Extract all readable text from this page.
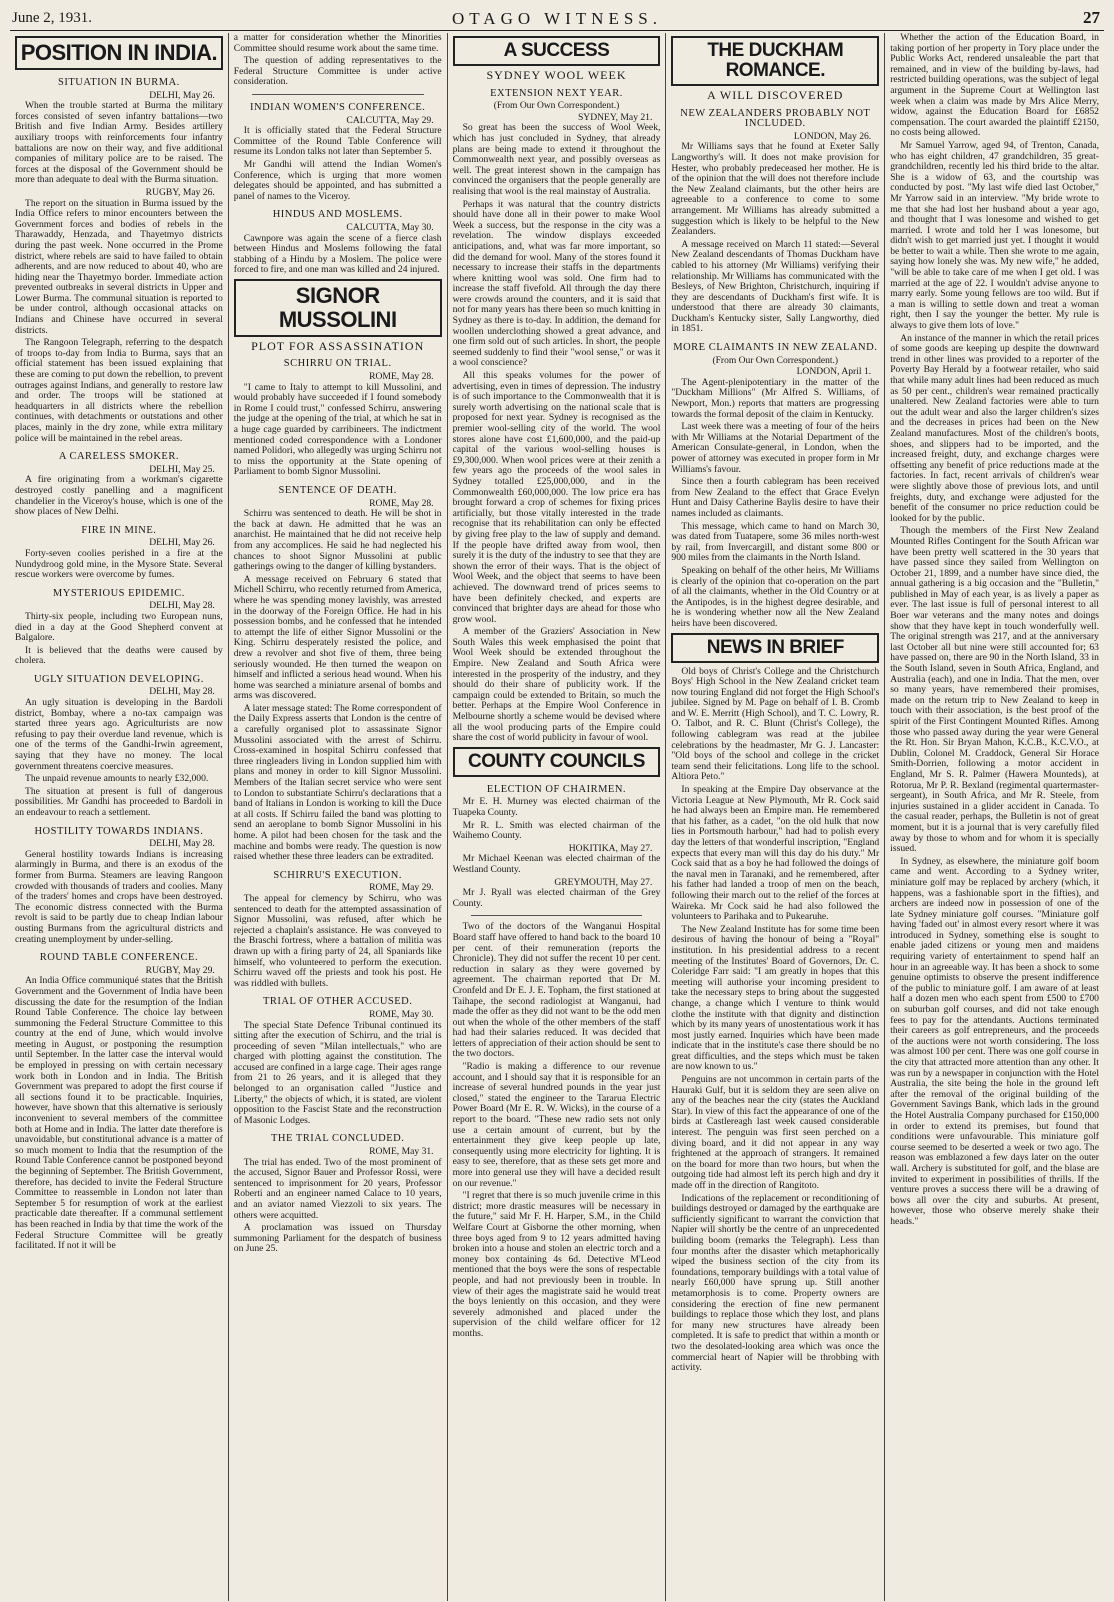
June 2, 1931.	OTAGO WITNESS.	27
POSITION IN INDIA.
SITUATION IN BURMA.
DELHI, May 26.

When the trouble started at Burma the military forces consisted of seven infantry battalions—two British and five Indian Army. Besides artillery auxiliary troops with reinforcements four infantry battalions are now on their way, and five additional companies of military police are to be raised. The forces at the disposal of the Government should be more than adequate to deal with the Burma situation.

RUGBY, May 26.

The report on the situation in Burma issued by the India Office refers to minor encounters between the Government forces and bodies of rebels in the Tharawaddy, Henzada, and Thayetmyo districts during the past week. None occurred in the Prome district, where rebels are said to have failed to obtain adherents, and are now reduced to about 40, who are hiding near the Thayetmyo border. Immediate action prevented outbreaks in several districts in Upper and Lower Burma. The communal situation is reported to be under control, although occasional attacks on Indians and Chinese have occurred in several districts.

The Rangoon Telegraph, referring to the despatch of troops to-day from India to Burma, says that an official statement has been issued explaining that these are coming to put down the rebellion, to prevent outrages against Indians, and generally to restore law and order. The troops will be stationed at headquarters in all districts where the rebellion continues, with detachments or outstations and other places, mainly in the dry zone, while extra military police will be maintained in the rebel areas.

A CARELESS SMOKER.
DELHI, May 25.

A fire originating from a workman's cigarette destroyed costly panelling and a magnificent chandelier in the Viceroy's house, which is one of the show places of New Delhi.

FIRE IN MINE.
DELHI, May 26.

Forty-seven coolies perished in a fire at the Nundydroog gold mine, in the Mysore State. Several rescue workers were overcome by fumes.

MYSTERIOUS EPIDEMIC.
DELHI, May 28.

Thirty-six people, including two European nuns, died in a day at the Good Shepherd convent at Balgalore.

It is believed that the deaths were caused by cholera.

UGLY SITUATION DEVELOPING.
DELHI, May 28.

An ugly situation is developing in the Bardoli district, Bombay, where a no-tax campaign was started three years ago. Agriculturists are now refusing to pay their overdue land revenue, which is one of the terms of the Gandhi-Irwin agreement, saying that they have no money. The local government threatens coercive measures.

The unpaid revenue amounts to nearly £32,000.

The situation at present is full of dangerous possibilities. Mr Gandhi has proceeded to Bardoli in an endeavour to reach a settlement.

HOSTILITY TOWARDS INDIANS.
DELHI, May 28.

General hostility towards Indians is increasing alarmingly in Burma, and there is an exodus of the former from Burma. Steamers are leaving Rangoon crowded with thousands of traders and coolies. Many of the traders' homes and crops have been destroyed. The economic distress connected with the Burma revolt is said to be partly due to cheap Indian labour ousting Burmans from the agricultural districts and creating unemployment by under-selling.

ROUND TABLE CONFERENCE.
RUGBY, May 29.

An India Office communiqué states that the British Government and the Government of India have been discussing the date for the resumption of the Indian Round Table Conference. The choice lay between summoning the Federal Structure Committee to this country at the end of June, which would involve meeting in August, or postponing the resumption until September. In the latter case the interval would be employed in pressing on with certain necessary work both in London and in India. The British Government was prepared to adopt the first course if all sections found it to be practicable. Inquiries, however, have shown that this alternative is seriously inconvenient to several members of the committee both at Home and in India. The latter date therefore is unavoidable, but constitutional advance is a matter of so much moment to India that the resumption of the Round Table Conference cannot be postponed beyond the beginning of September. The British Government, therefore, has decided to invite the Federal Structure Committee to reassemble in London not later than September 5 for resumption of work at the earliest practicable date thereafter. If a communal settlement has been reached in India by that time the work of the Federal Structure Committee will be greatly facilitated. If not it will be

a matter for consideration whether the Minorities Committee should resume work about the same time.

The question of adding representatives to the Federal Structure Committee is under active consideration.

INDIAN WOMEN'S CONFERENCE.
CALCUTTA, May 29.

It is officially stated that the Federal Structure Committee of the Round Table Conference will resume its London talks not later than September 5.

Mr Gandhi will attend the Indian Women's Conference, which is urging that more women delegates should be appointed, and has submitted a panel of names to the Viceroy.

HINDUS AND MOSLEMS.
CALCUTTA, May 30.

Cawnpore was again the scene of a fierce clash between Hindus and Moslems following the fatal stabbing of a Hindu by a Moslem. The police were forced to fire, and one man was killed and 24 injured.

SIGNOR MUSSOLINI
PLOT FOR ASSASSINATION
SCHIRRU ON TRIAL.
ROME, May 28.

"I came to Italy to attempt to kill Mussolini, and would probably have succeeded if I found somebody in Rome I could trust," confessed Schirru, answering the judge at the opening of the trial, at which he sat in a huge cage guarded by carribineers. The indictment mentioned coded correspondence with a Londoner named Polidori, who allegedly was urging Schirru not to miss the opportunity at the State opening of Parliament to bomb Signor Mussolini.

SENTENCE OF DEATH.
ROME, May 28.

Schirru was sentenced to death. He will be shot in the back at dawn. He admitted that he was an anarchist. He maintained that he did not receive help from any accomplices. He said he had neglected his chances to shoot Signor Mussolini at public gatherings owing to the danger of killing bystanders.

A message received on February 6 stated that Michell Schirru, who recently returned from America, where he was spending money lavishly, was arrested in the doorway of the Foreign Office. He had in his possession bombs, and he confessed that he intended to attempt the life of either Signor Mussolini or the King. Schirru desperately resisted the police, and drew a revolver and shot five of them, three being seriously wounded. He then turned the weapon on himself and inflicted a serious head wound. When his home was searched a miniature arsenal of bombs and arms was discovered.

A later message stated: The Rome correspondent of the Daily Express asserts that London is the centre of a carefully organised plot to assassinate Signor Mussolini associated with the arrest of Schirru. Cross-examined in hospital Schirru confessed that three ringleaders living in London supplied him with plans and money in order to kill Signor Mussolini. Members of the Italian secret service who were sent to London to substantiate Schirru's declarations that a band of Italians in London is working to kill the Duce at all costs. If Schirru failed the band was plotting to send an aeroplane to bomb Signor Mussolini in his home. A pilot had been chosen for the task and the machine and bombs were ready. The question is now raised whether these three leaders can be extradited.

SCHIRRU'S EXECUTION.
ROME, May 29.

The appeal for clemency by Schirru, who was sentenced to death for the attempted assassination of Signor Mussolini, was refused, after which he rejected a chaplain's assistance. He was conveyed to the Braschi fortress, where a battalion of militia was drawn up with a firing party of 24, all Spaniards like himself, who volunteered to perform the execution. Schirru waved off the priests and took his post. He was riddled with bullets.

TRIAL OF OTHER ACCUSED.
ROME, May 30.

The special State Defence Tribunal continued its sitting after the execution of Schirru, and the trial is proceeding of seven "Milan intellectuals," who are charged with plotting against the constitution. The accused are confined in a large cage. Their ages range from 21 to 26 years, and it is alleged that they belonged to an organisation called "Justice and Liberty," the objects of which, it is stated, are violent opposition to the Fascist State and the reconstruction of Masonic Lodges.

THE TRIAL CONCLUDED.
ROME, May 31.

The trial has ended. Two of the most prominent of the accused, Signor Bauer and Professor Rossi, were sentenced to imprisonment for 20 years, Professor Roberti and an engineer named Calace to 10 years, and an aviator named Viezzoli to six years. The others were acquitted.

A proclamation was issued on Thursday summoning Parliament for the despatch of business on June 25.

A SUCCESS
SYDNEY WOOL WEEK
EXTENSION NEXT YEAR.
(From Our Own Correspondent.)
SYDNEY, May 21.

So great has been the success of Wool Week, which has just concluded in Sydney, that already plans are being made to extend it throughout the Commonwealth next year, and possibly overseas as well. The great interest shown in the campaign has convinced the organisers that the people generally are realising that wool is the real mainstay of Australia.

Perhaps it was natural that the country districts should have done all in their power to make Wool Week a success, but the response in the city was a revelation. The window displays exceeded anticipations, and, what was far more important, so did the demand for wool. Many of the stores found it necessary to increase their staffs in the departments where knitting wool was sold. One firm had to increase the staff fivefold. All through the day there were crowds around the counters, and it is said that not for many years has there been so much knitting in Sydney as there is to-day. In addition, the demand for woollen underclothing showed a great advance, and one firm sold out of such articles. In short, the people seemed suddenly to find their "wool sense," or was it a wool conscience?

All this speaks volumes for the power of advertising, even in times of depression. The industry is of such importance to the Commonwealth that it is surely worth advertising on the national scale that is proposed for next year. Sydney is recognised as the premier wool-selling city of the world. The wool stores alone have cost £1,600,000, and the paid-up capital of the various wool-selling houses is £9,300,000. When wool prices were at their zenith a few years ago the proceeds of the wool sales in Sydney totalled £25,000,000, and in the Commonwealth £60,000,000. The low price era has brought forward a crop of schemes for fixing prices artificially, but those vitally interested in the trade recognise that its rehabilitation can only be effected by giving free play to the law of supply and demand. If the people have drifted away from wool, then surely it is the duty of the industry to see that they are shown the error of their ways. That is the object of Wool Week, and the object that seems to have been achieved. The downward trend of prices seems to have been definitely checked, and experts are convinced that brighter days are ahead for those who grow wool.

A member of the Graziers' Association in New South Wales this week emphasised the point that Wool Week should be extended throughout the Empire. New Zealand and South Africa were interested in the prosperity of the industry, and they should do their share of publicity work. If the campaign could be extended to Britain, so much the better. Perhaps at the Empire Wool Conference in Melbourne shortly a scheme would be devised where all the wool producing parts of the Empire could share the cost of world publicity in favour of wool.

COUNTY COUNCILS
ELECTION OF CHAIRMEN.

Mr E. H. Murney was elected chairman of the Tuapeka County.

Mr R. L. Smith was elected chairman of the Waihemo County.

HOKITIKA, May 27.

Mr Michael Keenan was elected chairman of the Westland County.

GREYMOUTH, May 27.

Mr J. Ryall was elected chairman of the Grey County.

Two of the doctors of the Wanganui Hospital Board staff have offered to hand back to the board 10 per cent. of their remuneration (reports the Chronicle). They did not suffer the recent 10 per cent. reduction in salary as they were governed by agreement. The chairman reported that Dr M. Cronfeld and Dr E. J. E. Topham, the first stationed at Taihape, the second radiologist at Wanganui, had made the offer as they did not want to be the odd men out when the whole of the other members of the staff had had their salaries reduced. It was decided that letters of appreciation of their action should be sent to the two doctors.

"Radio is making a difference to our revenue account, and I should say that it is responsible for an increase of several hundred pounds in the year just closed," stated the engineer to the Tararua Electric Power Board (Mr E. R. W. Wicks), in the course of a report to the board. "These new radio sets not only use a certain amount of current, but by the entertainment they give keep people up late, consequently using more electricity for lighting. It is easy to see, therefore, that as these sets get more and more into general use they will have a decided result on our revenue."

"I regret that there is so much juvenile crime in this district; more drastic measures will be necessary in the future," said Mr F. H. Harper, S.M., in the Child Welfare Court at Gisborne the other morning, when three boys aged from 9 to 12 years admitted having broken into a house and stolen an electric torch and a money box containing 4s 6d. Detective M'Leod mentioned that the boys were the sons of respectable people, and had not previously been in trouble. In view of their ages the magistrate said he would treat the boys leniently on this occasion, and they were severely admonished and placed under the supervision of the child welfare officer for 12 months.

THE DUCKHAM ROMANCE.
A WILL DISCOVERED
NEW ZEALANDERS PROBABLY NOT INCLUDED.
LONDON, May 26.

Mr Williams says that he found at Exeter Sally Langworthy's will. It does not make provision for Hester, who probably predeceased her mother. He is of the opinion that the will does not therefore include the New Zealand claimants, but the other heirs are agreeable to a conference to come to some arrangement. Mr Williams has already submitted a suggestion which is likely to be helpful to the New Zealanders.

A message received on March 11 stated:—Several New Zealand descendants of Thomas Duckham have cabled to his attorney (Mr Williams) verifying their relationship. Mr Williams has communicated with the Besleys, of New Brighton, Christchurch, inquiring if they are descendants of Duckham's first wife. It is understood that there are already 30 claimants, Duckham's Kentucky sister, Sally Langworthy, died in 1851.

MORE CLAIMANTS IN NEW ZEALAND.
(From Our Own Correspondent.)
LONDON, April 1.

The Agent-plenipotentiary in the matter of the "Duckham Millions" (Mr Alfred S. Williams, of Newport, Mon.) reports that matters are progressing towards the formal deposit of the claim in Kentucky.

Last week there was a meeting of four of the heirs with Mr Williams at the Notarial Department of the American Consulate-general, in London, when the power of attorney was executed in proper form in Mr Williams's favour.

Since then a fourth cablegram has been received from New Zealand to the effect that Grace Evelyn Hunt and Daisy Catherine Baylis desire to have their names included as claimants.

This message, which came to hand on March 30, was dated from Tuatapere, some 36 miles north-west by rail, from Invercargill, and distant some 800 or 900 miles from the claimants in the North Island.

Speaking on behalf of the other heirs, Mr Williams is clearly of the opinion that co-operation on the part of all the claimants, whether in the Old Country or at the Antipodes, is in the highest degree desirable, and he is wondering whether now all the New Zealand heirs have been discovered.

NEWS IN BRIEF

Old boys of Christ's College and the Christchurch Boys' High School in the New Zealand cricket team now touring England did not forget the High School's jubilee. Signed by M. Page on behalf of I. B. Cromb and W. E. Merritt (High School), and T. C. Lowry, R. O. Talbot, and R. C. Blunt (Christ's College), the following cablegram was read at the jubilee celebrations by the headmaster, Mr G. J. Lancaster: "Old boys of the school and college in the cricket team send their felicitations. Long life to the school. Altiora Peto."

In speaking at the Empire Day observance at the Victoria League at New Plymouth, Mr R. Cock said he had always been an Empire man. He remembered that his father, as a cadet, "on the old hulk that now lies in Portsmouth harbour," had had to polish every day the letters of that wonderful inscription, "England expects that every man will this day do his duty." Mr Cock said that as a boy he had followed the doings of the naval men in Taranaki, and he remembered, after his father had landed a troop of men on the beach, following their march out to the relief of the forces at Waireka. Mr Cock said he had also followed the volunteers to Parihaka and to Pukearuhe.

The New Zealand Institute has for some time been desirous of having the honour of being a "Royal" institution. In his presidential address to a recent meeting of the Institutes' Board of Governors, Dr. C. Coleridge Farr said: "I am greatly in hopes that this meeting will authorise your incoming president to take the necessary steps to bring about the suggested change, a change which I venture to think would clothe the institute with that dignity and distinction which by its many years of unostentatious work it has most justly earned. Inquiries which have been made indicate that in the institute's case there should be no great difficulties, and the steps which must be taken are now known to us."

Penguins are not uncommon in certain parts of the Hauraki Gulf, but it is seldom they are seen alive on any of the beaches near the city (states the Auckland Star). In view of this fact the appearance of one of the birds at Castlereagh last week caused considerable interest. The penguin was first seen perched on a diving board, and it did not appear in any way frightened at the approach of strangers. It remained on the board for more than two hours, but when the outgoing tide had almost left its perch high and dry it made off in the direction of Rangitoto.

Indications of the replacement or reconditioning of buildings destroyed or damaged by the earthquake are sufficiently significant to warrant the conviction that Napier will shortly be the centre of an unprecedented building boom (remarks the Telegraph). Less than four months after the disaster which metaphorically wiped the business section of the city from its foundations, temporary buildings with a total value of nearly £60,000 have sprung up. Still another metamorphosis is to come. Property owners are considering the erection of fine new permanent buildings to replace those which they lost, and plans for many new structures have already been completed. It is safe to predict that within a month or two the desolated-looking area which was once the commercial heart of Napier will be throbbing with activity.

Whether the action of the Education Board, in taking portion of her property in Tory place under the Public Works Act, rendered unsaleable the part that remained, and in view of the building by-laws, had restricted building operations, was the subject of legal argument in the Supreme Court at Wellington last week when a claim was made by Mrs Alice Merry, widow, against the Education Board for £6852 compensation. The court awarded the plaintiff £2150, no costs being allowed.

Mr Samuel Yarrow, aged 94, of Trenton, Canada, who has eight children, 47 grandchildren, 35 great-grandchildren, recently led his third bride to the altar. She is a widow of 63, and the courtship was conducted by post. "My last wife died last October," Mr Yarrow said in an interview. "My bride wrote to me that she had lost her husband about a year ago, and thought that I was lonesome and wished to get married. I wrote and told her I was lonesome, but didn't wish to get married just yet. I thought it would be better to wait a while. Then she wrote to me again, saying how lonely she was. My new wife," he added, "will be able to take care of me when I get old. I was married at the age of 22. I wouldn't advise anyone to marry early. Some young fellows are too wild. But if a man is willing to settle down and treat a woman right, then I say the younger the better. My rule is always to give them lots of love."

An instance of the manner in which the retail prices of some goods are keeping up despite the downward trend in other lines was provided to a reporter of the Poverty Bay Herald by a footwear retailer, who said that while many adult lines had been reduced as much as 50 per cent., children's wear remained practically unaltered. New Zealand factories were able to turn out the adult wear and also the larger children's sizes and the decreases in prices had been on the New Zealand manufactures. Most of the children's boots, shoes, and slippers had to be imported, and the increased freight, duty, and exchange charges were offsetting any benefit of price reductions made at the factories. In fact, recent arrivals of children's wear were slightly above those of previous lots, and until freights, duty, and exchange were adjusted for the benefit of the consumer no price reduction could be looked for by the public.

Though the members of the First New Zealand Mounted Rifles Contingent for the South African war have been pretty well scattered in the 30 years that have passed since they sailed from Wellington on October 21, 1899, and a number have since died, the annual gathering is a big occasion and the "Bulletin," published in May of each year, is as lively a paper as ever. The last issue is full of personal interest to all Boer war veterans and the many notes and doings show that they have kept in touch wonderfully well. The original strength was 217, and at the anniversary last October all but nine were still accounted for; 63 have passed on, there are 90 in the North Island, 33 in the South Island, seven in South Africa, England, and Australia (each), and one in India. That the men, over so many years, have remembered their promises, made on the return trip to New Zealand to keep in touch with their association, is the best proof of the spirit of the First Contingent Mounted Rifles. Among those who passed away during the year were General the Rt. Hon. Sir Bryan Mahon, K.C.B., K.C.V.O., at Dublin, Colonel M. Craddock, General Sir Horace Smith-Dorrien, following a motor accident in England, Mr S. R. Palmer (Hawera Mounteds), at Rotorua, Mr P. R. Bexland (regimental quartermaster-sergeant), in South Africa, and Mr R. Steele, from injuries sustained in a glider accident in Canada. To the casual reader, perhaps, the Bulletin is not of great moment, but it is a journal that is very carefully filed away by those to whom and for whom it is specially issued.

In Sydney, as elsewhere, the miniature golf boom came and went. According to a Sydney writer, miniature golf may be replaced by archery (which, it happens, was a fashionable sport in the fifties), and archers are indeed now in possession of one of the late Sydney miniature golf courses. "Miniature golf having 'faded out' in almost every resort where it was introduced in Sydney, something else is sought to enable jaded citizens or young men and maidens requiring variety of entertainment to spend half an hour in an agreeable way. It has been a shock to some genuine optimists to observe the present indifference of the public to miniature golf. I am aware of at least half a dozen men who each spent from £500 to £700 on suburban golf courses, and did not take enough fees to pay for the attendants. Auctions terminated their careers as golf entrepreneurs, and the proceeds of the auctions were not worth considering. The loss was almost 100 per cent. There was one golf course in the city that attracted more attention than any other. It was run by a newspaper in conjunction with the Hotel Australia, the site being the hole in the ground left after the removal of the original building of the Government Savings Bank, which lads in the ground the Hotel Australia Company purchased for £150,000 in order to extend its premises, but found that conditions were unfavourable. This miniature golf course seemed to be deserted a week or two ago. The reason was emblazoned a few days later on the outer wall. Archery is substituted for golf, and the blase are invited to experiment in possibilities of thrills. If the venture proves a success there will be a drawing of bows all over the city and suburbs. At present, however, those who observe merely shake their heads."
